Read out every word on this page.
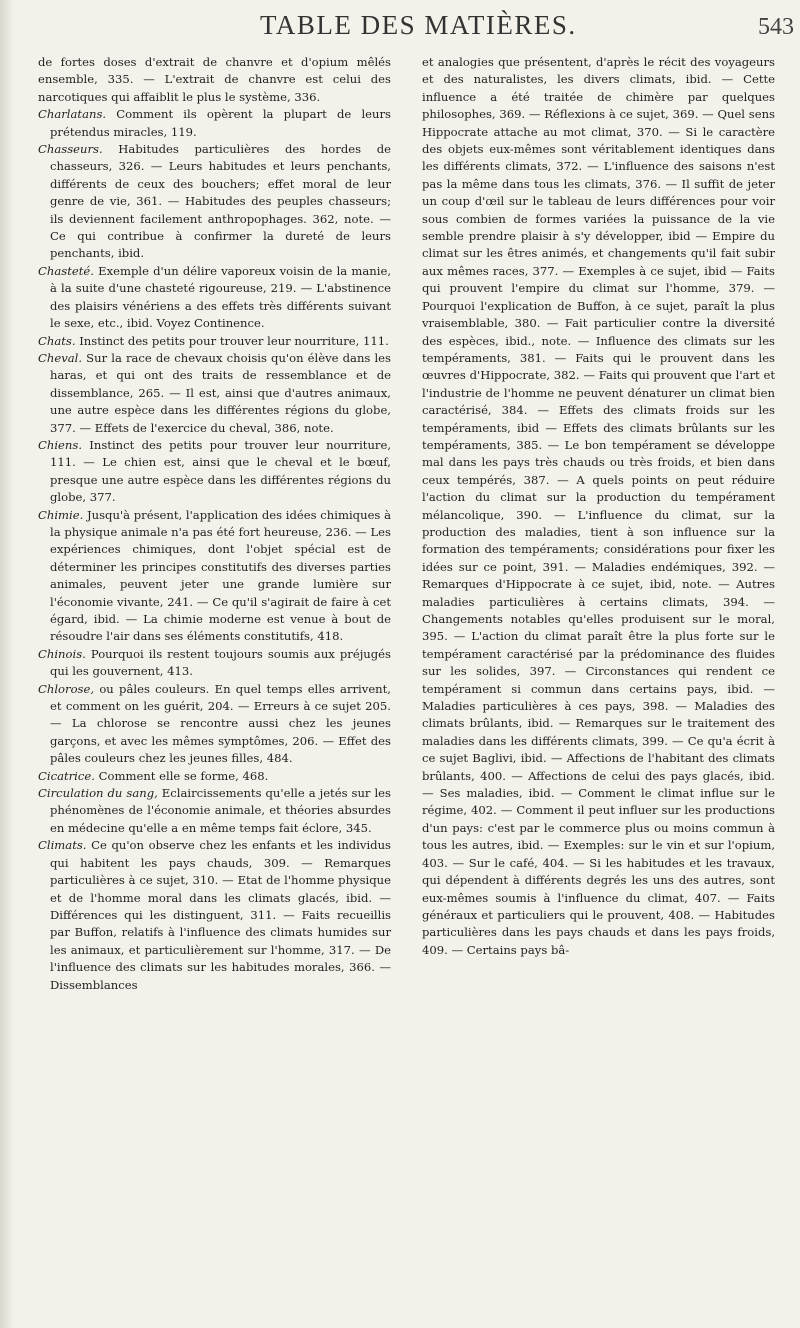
TABLE DES MATIÈRES.	543

de fortes doses d'extrait de chanvre et d'opium mêlés ensemble, 335. — L'extrait de chanvre est celui des narcotiques qui affaiblit le plus le système, 336.

Charlatans. Comment ils opèrent la plupart de leurs prétendus miracles, 119.

Chasseurs. Habitudes particulières des hordes de chasseurs, 326. — Leurs habitudes et leurs penchants, différents de ceux des bouchers; effet moral de leur genre de vie, 361. — Habitudes des peuples chasseurs; ils deviennent facilement anthropophages. 362, note. — Ce qui contribue à confirmer la dureté de leurs penchants, ibid.

Chasteté. Exemple d'un délire vaporeux voisin de la manie, à la suite d'une chasteté rigoureuse, 219. — L'abstinence des plaisirs vénériens a des effets très différents suivant le sexe, etc., ibid. Voyez Continence.

Chats. Instinct des petits pour trouver leur nourriture, 111.

Cheval. Sur la race de chevaux choisis qu'on élève dans les haras, et qui ont des traits de ressemblance et de dissemblance, 265. — Il est, ainsi que d'autres animaux, une autre espèce dans les différentes régions du globe, 377. — Effets de l'exercice du cheval, 386, note.

Chiens. Instinct des petits pour trouver leur nourriture, 111. — Le chien est, ainsi que le cheval et le bœuf, presque une autre espèce dans les différentes régions du globe, 377.

Chimie. Jusqu'à présent, l'application des idées chimiques à la physique animale n'a pas été fort heureuse, 236. — Les expériences chimiques, dont l'objet spécial est de déterminer les principes constitutifs des diverses parties animales, peuvent jeter une grande lumière sur l'économie vivante, 241. — Ce qu'il s'agirait de faire à cet égard, ibid. — La chimie moderne est venue à bout de résoudre l'air dans ses éléments constitutifs, 418.

Chinois. Pourquoi ils restent toujours soumis aux préjugés qui les gouvernent, 413.

Chlorose, ou pâles couleurs. En quel temps elles arrivent, et comment on les guérit, 204. — Erreurs à ce sujet 205. — La chlorose se rencontre aussi chez les jeunes garçons, et avec les mêmes symptômes, 206. — Effet des pâles couleurs chez les jeunes filles, 484.

Cicatrice. Comment elle se forme, 468.

Circulation du sang, Eclaircissements qu'elle a jetés sur les phénomènes de l'économie animale, et théories absurdes en médecine qu'elle a en même temps fait éclore, 345.

Climats. Ce qu'on observe chez les enfants et les individus qui habitent les pays chauds, 309. — Remarques particulières à ce sujet, 310. — Etat de l'homme physique et de l'homme moral dans les climats glacés, ibid. — Différences qui les distinguent, 311. — Faits recueillis par Buffon, relatifs à l'influence des climats humides sur les animaux, et particulièrement sur l'homme, 317. — De l'influence des climats sur les habitudes morales, 366. — Dissemblances

et analogies que présentent, d'après le récit des voyageurs et des naturalistes, les divers climats, ibid. — Cette influence a été traitée de chimère par quelques philosophes, 369. — Réflexions à ce sujet, 369. — Quel sens Hippocrate attache au mot climat, 370. — Si le caractère des objets eux-mêmes sont véritablement identiques dans les différents climats, 372. — L'influence des saisons n'est pas la même dans tous les climats, 376. — Il suffit de jeter un coup d'œil sur le tableau de leurs différences pour voir sous combien de formes variées la puissance de la vie semble prendre plaisir à s'y développer, ibid — Empire du climat sur les êtres animés, et changements qu'il fait subir aux mêmes races, 377. — Exemples à ce sujet, ibid — Faits qui prouvent l'empire du climat sur l'homme, 379. — Pourquoi l'explication de Buffon, à ce sujet, paraît la plus vraisemblable, 380. — Fait particulier contre la diversité des espèces, ibid., note. — Influence des climats sur les tempéraments, 381. — Faits qui le prouvent dans les œuvres d'Hippocrate, 382. — Faits qui prouvent que l'art et l'industrie de l'homme ne peuvent dénaturer un climat bien caractérisé, 384. — Effets des climats froids sur les tempéraments, ibid — Effets des climats brûlants sur les tempéraments, 385. — Le bon tempérament se développe mal dans les pays très chauds ou très froids, et bien dans ceux tempérés, 387. — A quels points on peut réduire l'action du climat sur la production du tempérament mélancolique, 390. — L'influence du climat, sur la production des maladies, tient à son influence sur la formation des tempéraments; considérations pour fixer les idées sur ce point, 391. — Maladies endémiques, 392. — Remarques d'Hippocrate à ce sujet, ibid, note. — Autres maladies particulières à certains climats, 394. — Changements notables qu'elles produisent sur le moral, 395. — L'action du climat paraît être la plus forte sur le tempérament caractérisé par la prédominance des fluides sur les solides, 397. — Circonstances qui rendent ce tempérament si commun dans certains pays, ibid. — Maladies particulières à ces pays, 398. — Maladies des climats brûlants, ibid. — Remarques sur le traitement des maladies dans les différents climats, 399. — Ce qu'a écrit à ce sujet Baglivi, ibid. — Affections de l'habitant des climats brûlants, 400. — Affections de celui des pays glacés, ibid. — Ses maladies, ibid. — Comment le climat influe sur le régime, 402. — Comment il peut influer sur les productions d'un pays: c'est par le commerce plus ou moins commun à tous les autres, ibid. — Exemples: sur le vin et sur l'opium, 403. — Sur le café, 404. — Si les habitudes et les travaux, qui dépendent à différents degrés les uns des autres, sont eux-mêmes soumis à l'influence du climat, 407. — Faits généraux et particuliers qui le prouvent, 408. — Habitudes particulières dans les pays chauds et dans les pays froids, 409. — Certains pays bâ-
